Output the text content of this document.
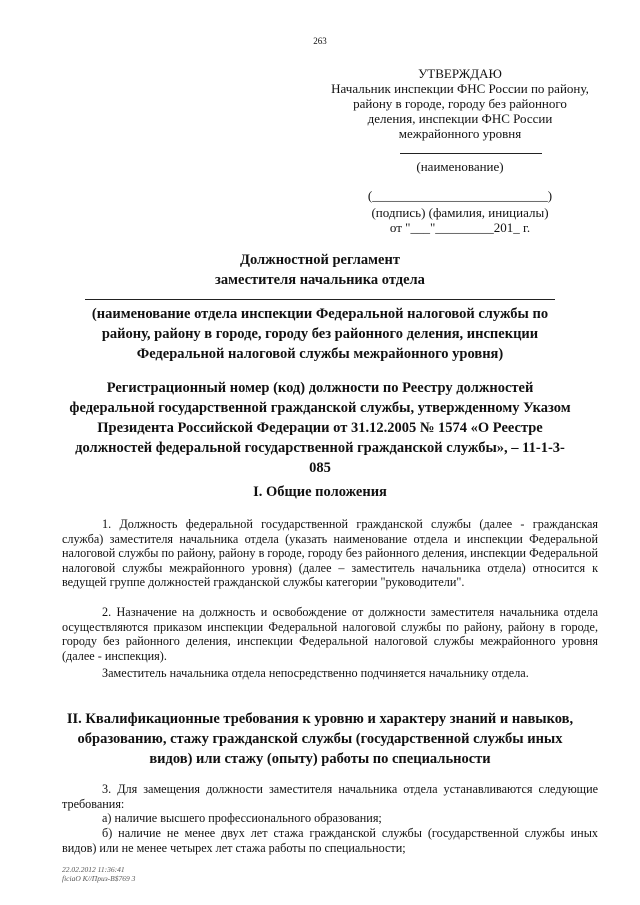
263
УТВЕРЖДАЮ
Начальник инспекции ФНС России по району,
району в городе, городу без районного
деления, инспекции ФНС России
межрайонного уровня
(наименование)
(___________________________)
(подпись) (фамилия, инициалы)
от "___"_________201_ г.
Должностной регламент
заместителя начальника отдела
(наименование отдела инспекции Федеральной налоговой службы по району, району в городе, городу без районного деления, инспекции Федеральной налоговой службы межрайонного уровня)
Регистрационный номер (код) должности по Реестру должностей федеральной государственной гражданской службы, утвержденному Указом Президента Российской Федерации от 31.12.2005 № 1574 «О Реестре должностей федеральной государственной гражданской службы», – 11-1-3-085
I. Общие положения
1. Должность федеральной государственной гражданской службы (далее - гражданская служба) заместителя начальника отдела (указать наименование отдела и инспекции Федеральной налоговой службы по району, району в городе, городу без районного деления, инспекции Федеральной налоговой службы межрайонного уровня) (далее – заместитель начальника отдела) относится к ведущей группе должностей гражданской службы категории "руководители".
2. Назначение на должность и освобождение от должности заместителя начальника отдела осуществляются приказом инспекции Федеральной налоговой службы по району, району в городе, городу без районного деления, инспекции Федеральной налоговой службы межрайонного уровня (далее - инспекция).
Заместитель начальника отдела непосредственно подчиняется начальнику отдела.
II. Квалификационные требования к уровню и характеру знаний и навыков, образованию, стажу гражданской службы (государственной службы иных видов) или стажу (опыту) работы по специальности
3. Для замещения должности заместителя начальника отдела устанавливаются следующие требования:
а) наличие высшего профессионального образования;
б) наличие не менее двух лет стажа гражданской службы (государственной службы иных видов) или не менее четырех лет стажа работы по специальности;
22.02.2012 11:36:41
ficiaO K//Приз-B$769 3
